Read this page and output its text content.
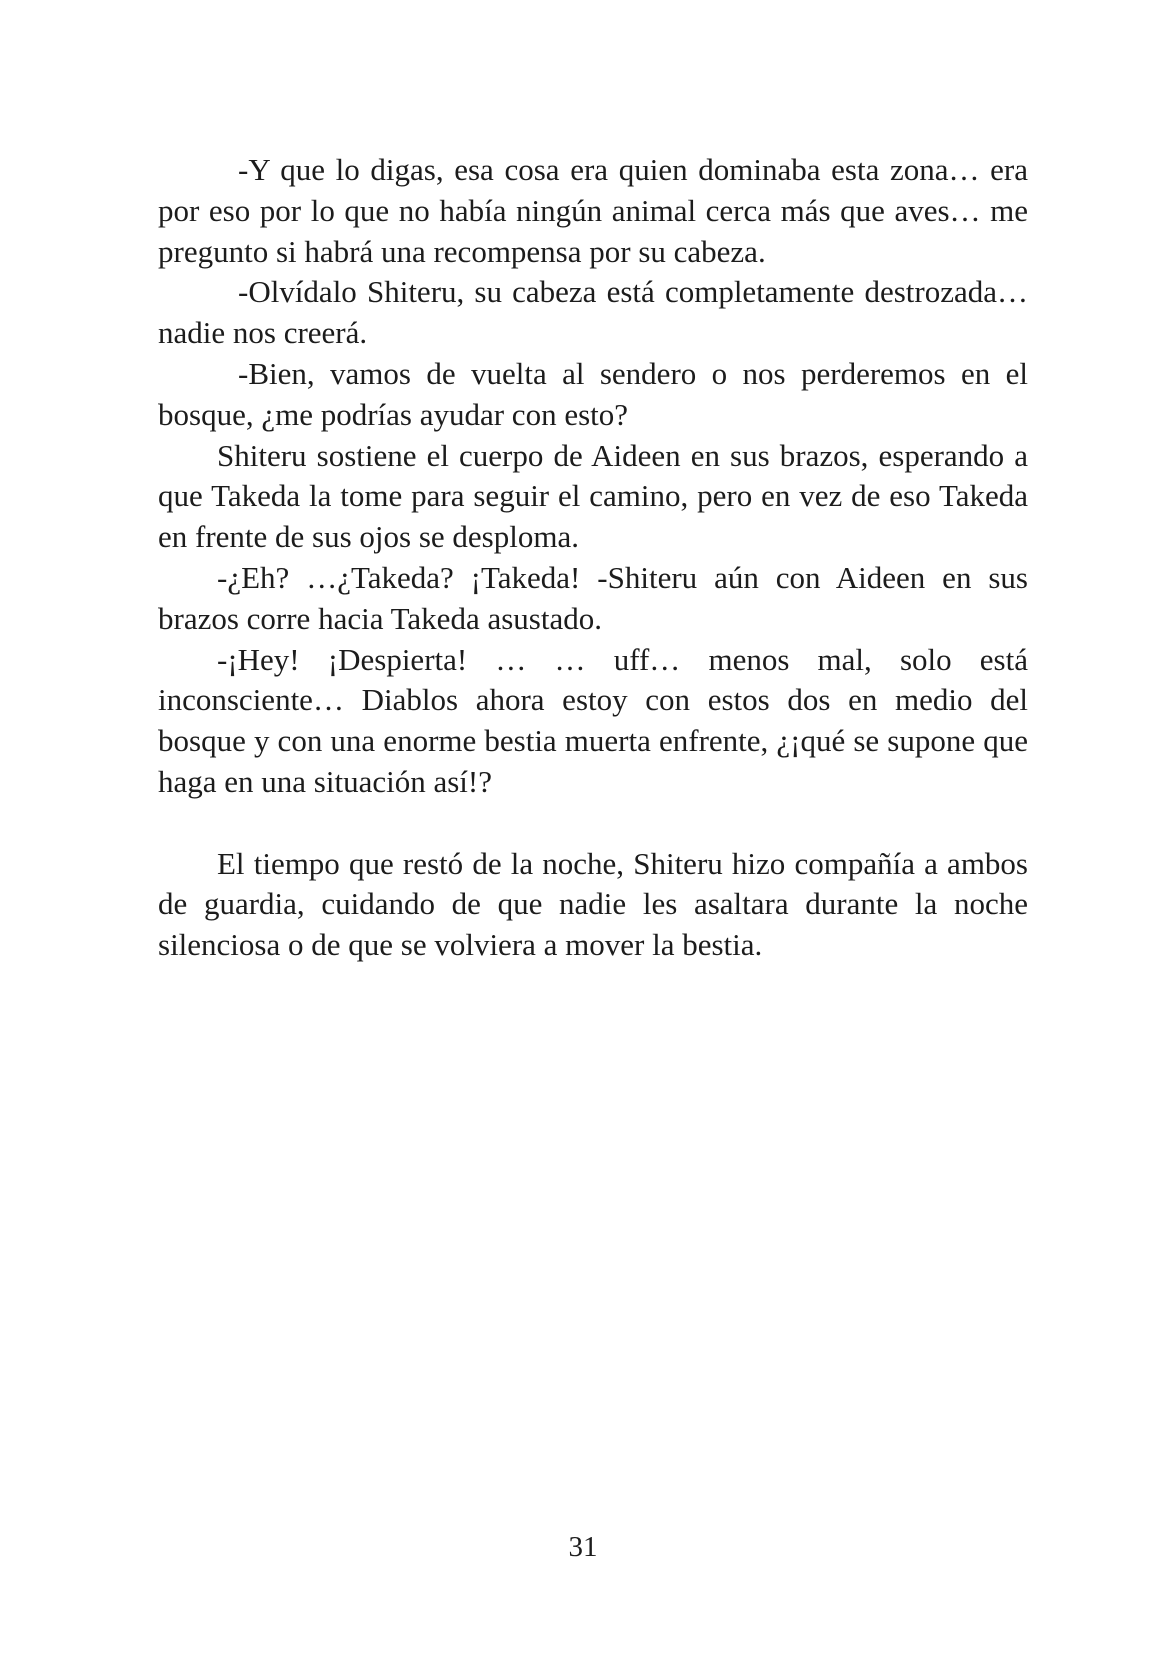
-Y que lo digas, esa cosa era quien dominaba esta zona… era por eso por lo que no había ningún animal cerca más que aves… me pregunto si habrá una recompensa por su cabeza.

-Olvídalo Shiteru, su cabeza está completamente destrozada… nadie nos creerá.

-Bien, vamos de vuelta al sendero o nos perderemos en el bosque, ¿me podrías ayudar con esto?

Shiteru sostiene el cuerpo de Aideen en sus brazos, esperando a que Takeda la tome para seguir el camino, pero en vez de eso Takeda en frente de sus ojos se desploma.

-¿Eh? …¿Takeda? ¡Takeda! -Shiteru aún con Aideen en sus brazos corre hacia Takeda asustado.

-¡Hey! ¡Despierta! … … uff… menos mal, solo está inconsciente… Diablos ahora estoy con estos dos en medio del bosque y con una enorme bestia muerta enfrente, ¿¡qué se supone que haga en una situación así!?

El tiempo que restó de la noche, Shiteru hizo compañía a ambos de guardia, cuidando de que nadie les asaltara durante la noche silenciosa o de que se volviera a mover la bestia.

31
